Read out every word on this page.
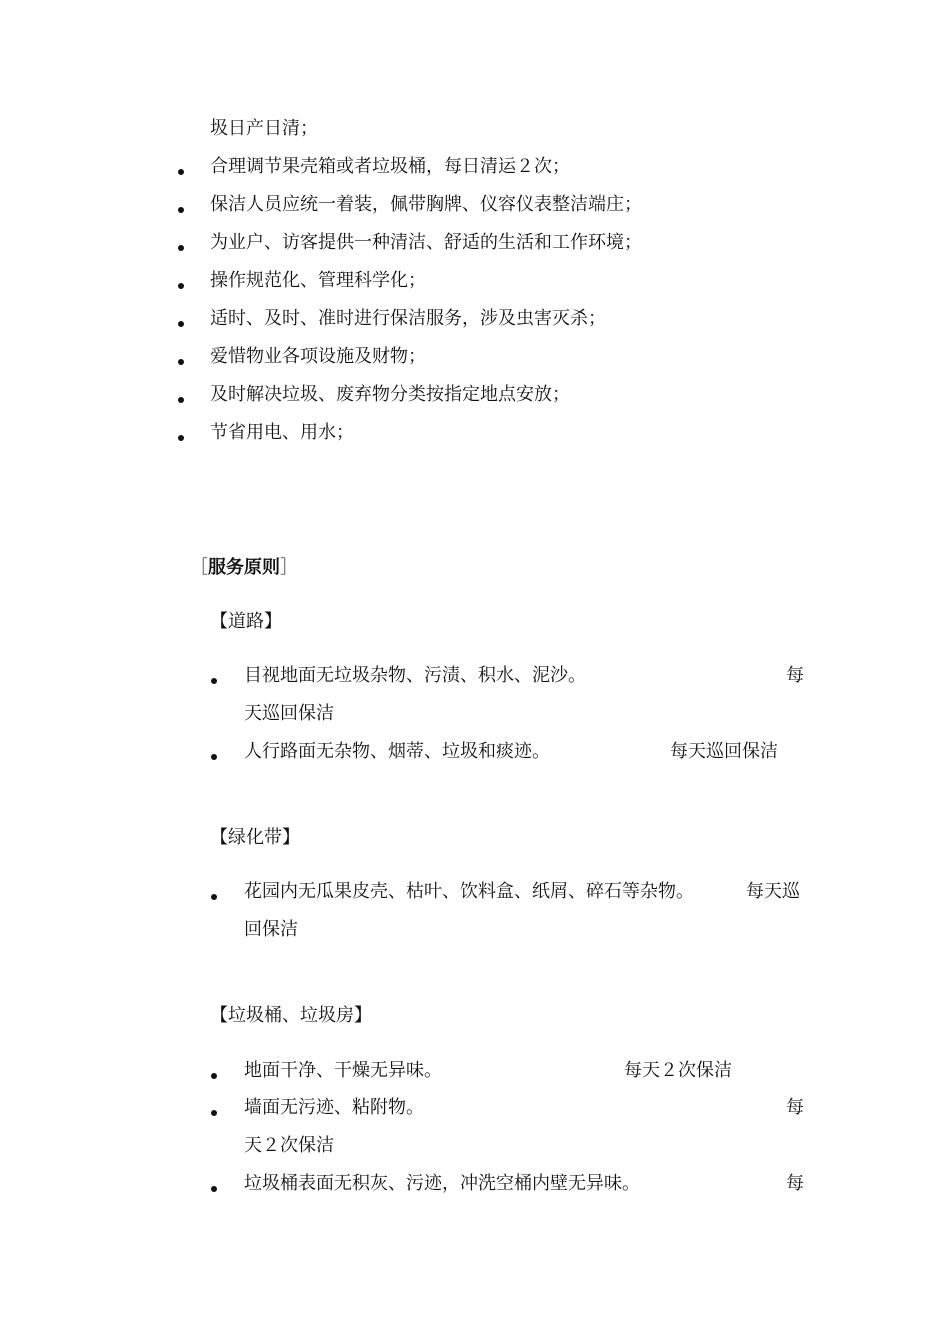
圾日产日清；
合理调节果壳箱或者垃圾桶，每日清运２次；
保洁人员应统一着装，佩带胸牌、仪容仪表整洁端庄；
为业户、访客提供一种清洁、舒适的生活和工作环境；
操作规范化、管理科学化；
适时、及时、准时进行保洁服务，涉及虫害灭杀；
爱惜物业各项设施及财物；
及时解决垃圾、废弃物分类按指定地点安放；
节省用电、用水；
［服务原则］
【道路】
目视地面无垃圾杂物、污渍、积水、泥沙。	每
天巡回保洁
人行路面无杂物、烟蒂、垃圾和痰迹。	每天巡回保洁
【绿化带】
花园内无瓜果皮壳、枯叶、饮料盒、纸屑、碎石等杂物。	每天巡
回保洁
【垃圾桶、垃圾房】
地面干净、干燥无异味。	每天２次保洁
墙面无污迹、粘附物。	每
天２次保洁
垃圾桶表面无积灰、污迹，冲洗空桶内壁无异味。	每
